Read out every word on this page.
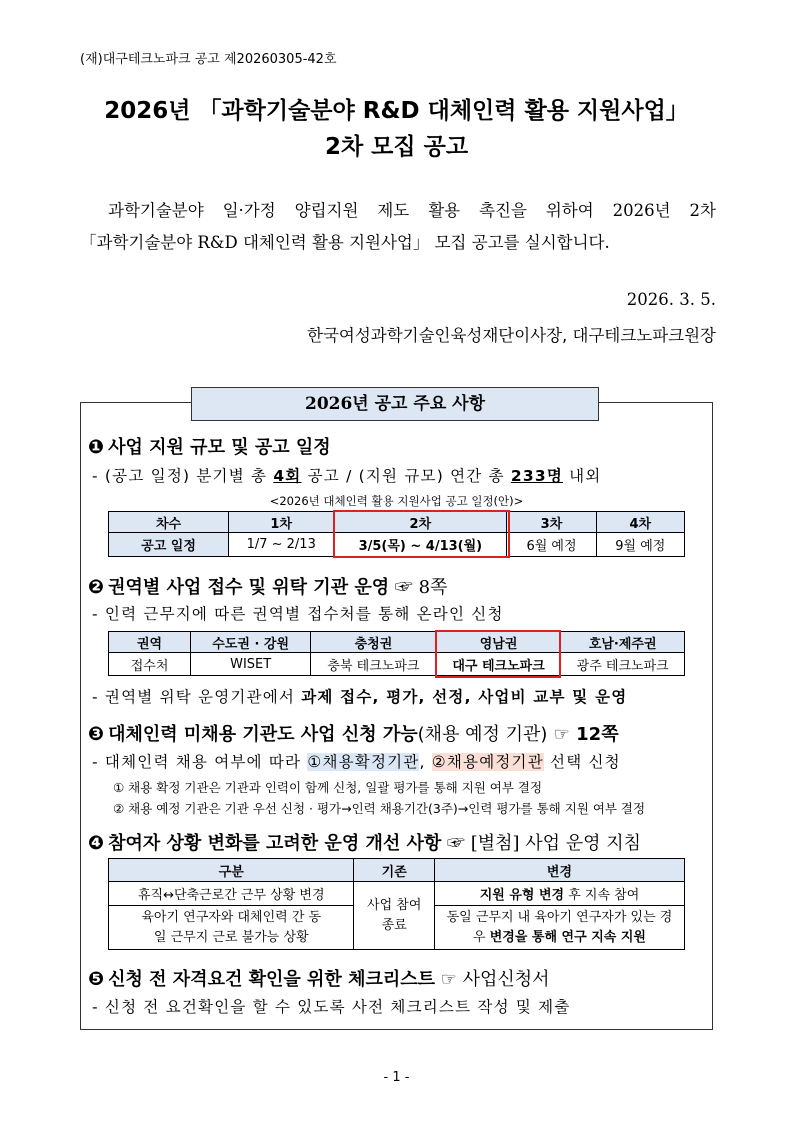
(재)대구테크노파크 공고 제20260305-42호
2026년 「과학기술분야 R&D 대체인력 활용 지원사업」
2차 모집 공고
과학기술분야 일·가정 양립지원 제도 활용 촉진을 위하여 2026년 2차
「과학기술분야 R&D 대체인력 활용 지원사업」 모집 공고를 실시합니다.
2026. 3. 5.
한국여성과학기술인육성재단이사장, 대구테크노파크원장
2026년 공고 주요 사항
❶ 사업 지원 규모 및 공고 일정
- (공고 일정) 분기별 총 4회 공고 / (지원 규모) 연간 총 233명 내외
<2026년 대체인력 활용 지원사업 공고 일정(안)>
차수	1차	2차	3차	4차
공고 일정	1/7 ~ 2/13	3/5(목) ~ 4/13(월)	6월 예정	9월 예정
❷ 권역별 사업 접수 및 위탁 기관 운영 ☞ 8쪽
- 인력 근무지에 따른 권역별 접수처를 통해 온라인 신청
권역	수도권 · 강원	충청권	영남권	호남·제주권
접수처	WISET	충북 테크노파크	대구 테크노파크	광주 테크노파크
- 권역별 위탁 운영기관에서 과제 접수, 평가, 선정, 사업비 교부 및 운영
❸ 대체인력 미채용 기관도 사업 신청 가능(채용 예정 기관) ☞ 12쪽
- 대체인력 채용 여부에 따라 ①채용확정기관, ②채용예정기관 선택 신청
① 채용 확정 기관은 기관과 인력이 함께 신청, 일괄 평가를 통해 지원 여부 결정
② 채용 예정 기관은 기관 우선 신청 · 평가→인력 채용기간(3주)→인력 평가를 통해 지원 여부 결정
❹ 참여자 상황 변화를 고려한 운영 개선 사항 ☞ [별첨] 사업 운영 지침
구분	기존	변경
휴직↔단축근로간 근무 상황 변경	사업 참여 종료	지원 유형 변경 후 지속 참여
육아기 연구자와 대체인력 간 동일 근무지 근로 불가능 상황		동일 근무지 내 육아기 연구자가 있는 경우 변경을 통해 연구 지속 지원
❺ 신청 전 자격요건 확인을 위한 체크리스트 ☞ 사업신청서
- 신청 전 요건확인을 할 수 있도록 사전 체크리스트 작성 및 제출
- 1 -
